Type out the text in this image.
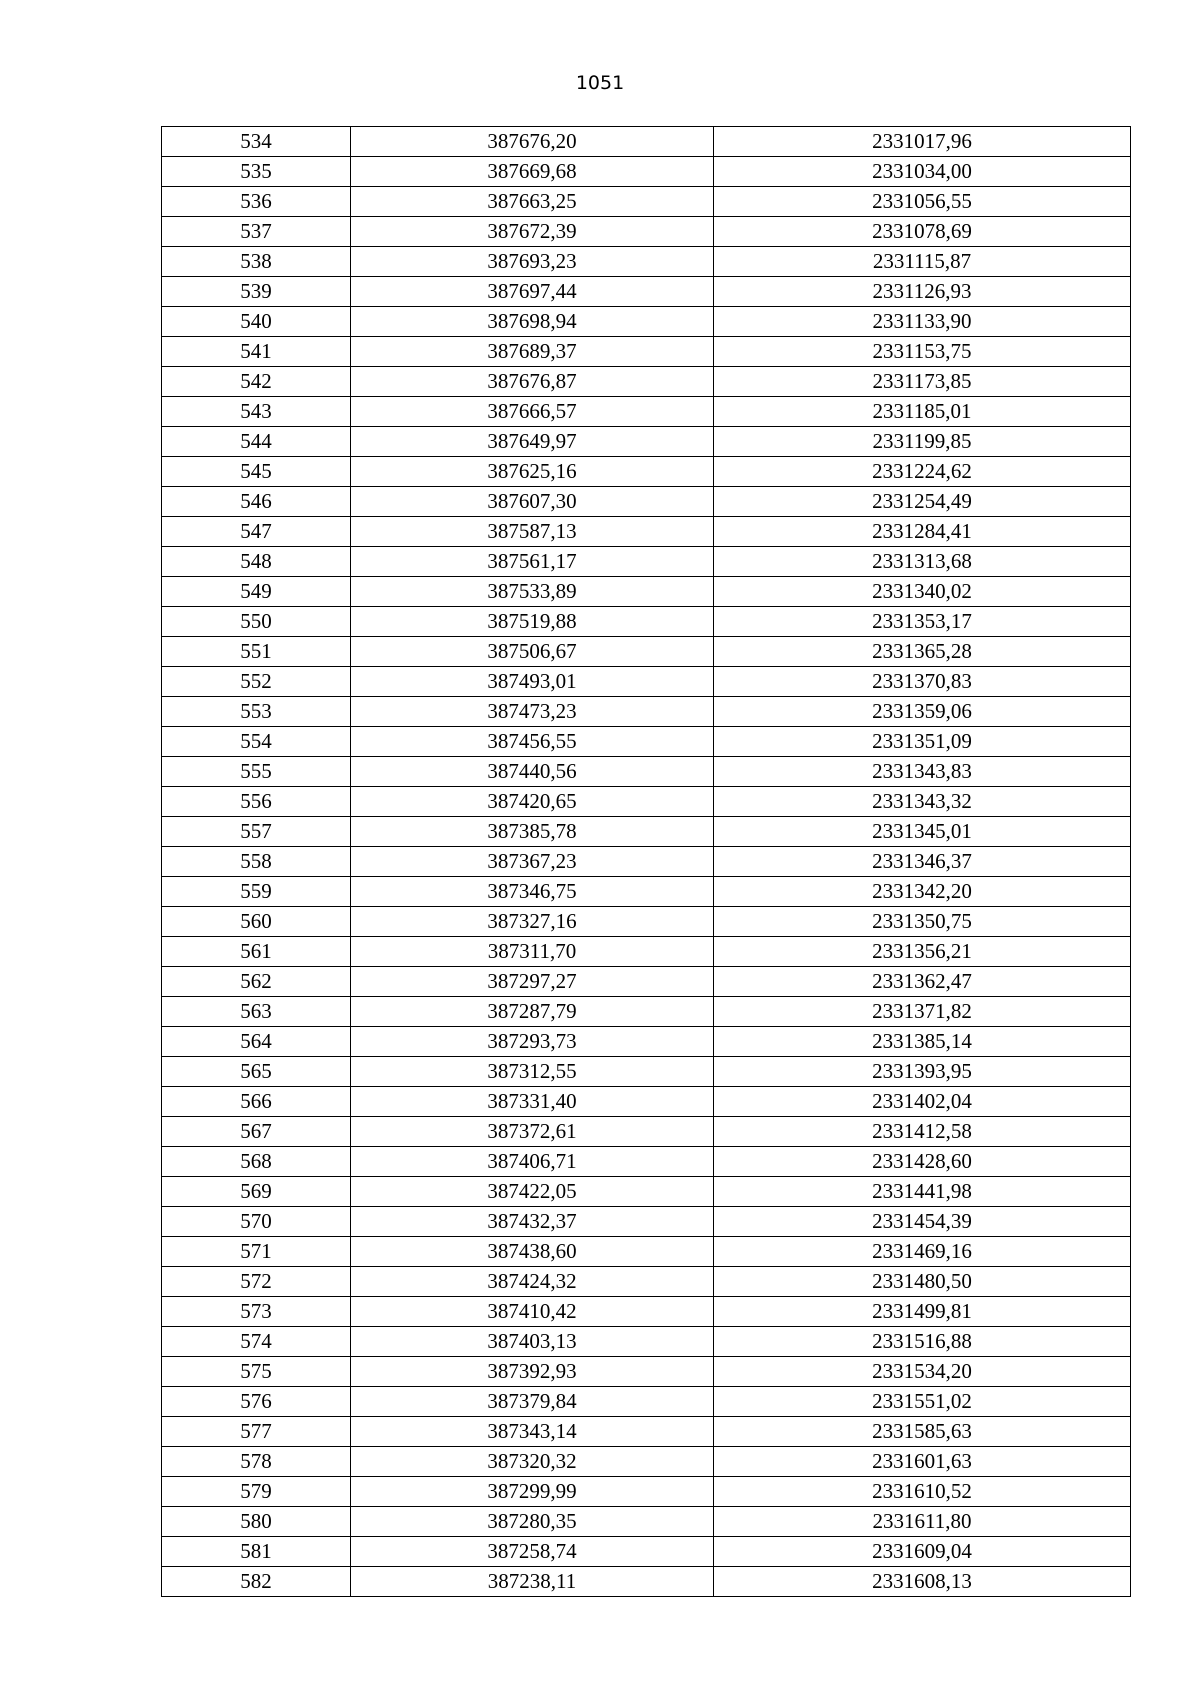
1051
534	387676,20	2331017,96
535	387669,68	2331034,00
536	387663,25	2331056,55
537	387672,39	2331078,69
538	387693,23	2331115,87
539	387697,44	2331126,93
540	387698,94	2331133,90
541	387689,37	2331153,75
542	387676,87	2331173,85
543	387666,57	2331185,01
544	387649,97	2331199,85
545	387625,16	2331224,62
546	387607,30	2331254,49
547	387587,13	2331284,41
548	387561,17	2331313,68
549	387533,89	2331340,02
550	387519,88	2331353,17
551	387506,67	2331365,28
552	387493,01	2331370,83
553	387473,23	2331359,06
554	387456,55	2331351,09
555	387440,56	2331343,83
556	387420,65	2331343,32
557	387385,78	2331345,01
558	387367,23	2331346,37
559	387346,75	2331342,20
560	387327,16	2331350,75
561	387311,70	2331356,21
562	387297,27	2331362,47
563	387287,79	2331371,82
564	387293,73	2331385,14
565	387312,55	2331393,95
566	387331,40	2331402,04
567	387372,61	2331412,58
568	387406,71	2331428,60
569	387422,05	2331441,98
570	387432,37	2331454,39
571	387438,60	2331469,16
572	387424,32	2331480,50
573	387410,42	2331499,81
574	387403,13	2331516,88
575	387392,93	2331534,20
576	387379,84	2331551,02
577	387343,14	2331585,63
578	387320,32	2331601,63
579	387299,99	2331610,52
580	387280,35	2331611,80
581	387258,74	2331609,04
582	387238,11	2331608,13
